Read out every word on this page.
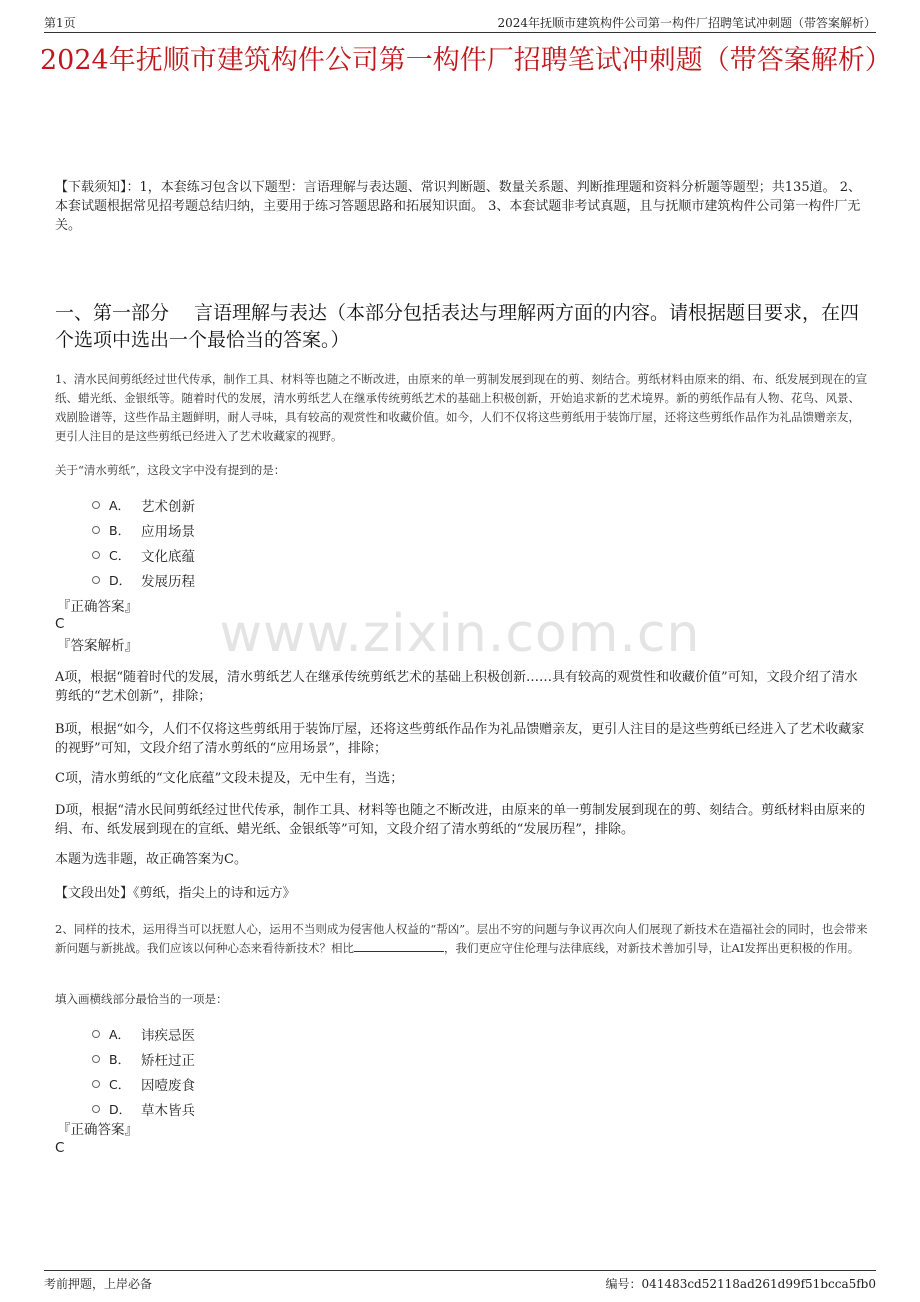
第1页	2024年抚顺市建筑构件公司第一构件厂招聘笔试冲刺题（带答案解析）
2024年抚顺市建筑构件公司第一构件厂招聘笔试冲刺题（带答案解析）
【下载须知】：1，本套练习包含以下题型：言语理解与表达题、常识判断题、数量关系题、判断推理题和资料分析题等题型；共135道。 2、本套试题根据常见招考题总结归纳，主要用于练习答题思路和拓展知识面。 3、本套试题非考试真题，且与抚顺市建筑构件公司第一构件厂无关。
一、第一部分　 言语理解与表达（本部分包括表达与理解两方面的内容。请根据题目要求，在四个选项中选出一个最恰当的答案。）
1、清水民间剪纸经过世代传承，制作工具、材料等也随之不断改进，由原来的单一剪制发展到现在的剪、刻结合。剪纸材料由原来的绢、布、纸发展到现在的宣纸、蜡光纸、金银纸等。随着时代的发展，清水剪纸艺人在继承传统剪纸艺术的基础上积极创新，开始追求新的艺术境界。新的剪纸作品有人物、花鸟、风景、戏剧脸谱等，这些作品主题鲜明，耐人寻味，具有较高的观赏性和收藏价值。如今，人们不仅将这些剪纸用于装饰厅屋，还将这些剪纸作品作为礼品馈赠亲友，更引人注目的是这些剪纸已经进入了艺术收藏家的视野。
关于“清水剪纸”，这段文字中没有提到的是：
A． 艺术创新
B． 应用场景
C． 文化底蕴
D． 发展历程
『正确答案』
C
『答案解析』	www.zixin.com.cn
A项，根据“随着时代的发展，清水剪纸艺人在继承传统剪纸艺术的基础上积极创新……具有较高的观赏性和收藏价值”可知，文段介绍了清水剪纸的“艺术创新”，排除；
B项，根据“如今，人们不仅将这些剪纸用于装饰厅屋，还将这些剪纸作品作为礼品馈赠亲友，更引人注目的是这些剪纸已经进入了艺术收藏家的视野”可知，文段介绍了清水剪纸的“应用场景”，排除；
C项，清水剪纸的“文化底蕴”文段未提及，无中生有，当选；
D项，根据“清水民间剪纸经过世代传承，制作工具、材料等也随之不断改进，由原来的单一剪制发展到现在的剪、刻结合。剪纸材料由原来的绢、布、纸发展到现在的宣纸、蜡光纸、金银纸等”可知，文段介绍了清水剪纸的“发展历程”，排除。
本题为选非题，故正确答案为C。
【文段出处】《剪纸，指尖上的诗和远方》
2、同样的技术，运用得当可以抚慰人心，运用不当则成为侵害他人权益的“帮凶”。层出不穷的问题与争议再次向人们展现了新技术在造福社会的同时，也会带来新问题与新挑战。我们应该以何种心态来看待新技术？相比	，我们更应守住伦理与法律底线，对新技术善加引导，让AI发挥出更积极的作用。
填入画横线部分最恰当的一项是：
A． 讳疾忌医
B． 矫枉过正
C． 因噎废食
D． 草木皆兵
『正确答案』
C
考前押题，上岸必备	编号：041483cd52118ad261d99f51bcca5fb0
